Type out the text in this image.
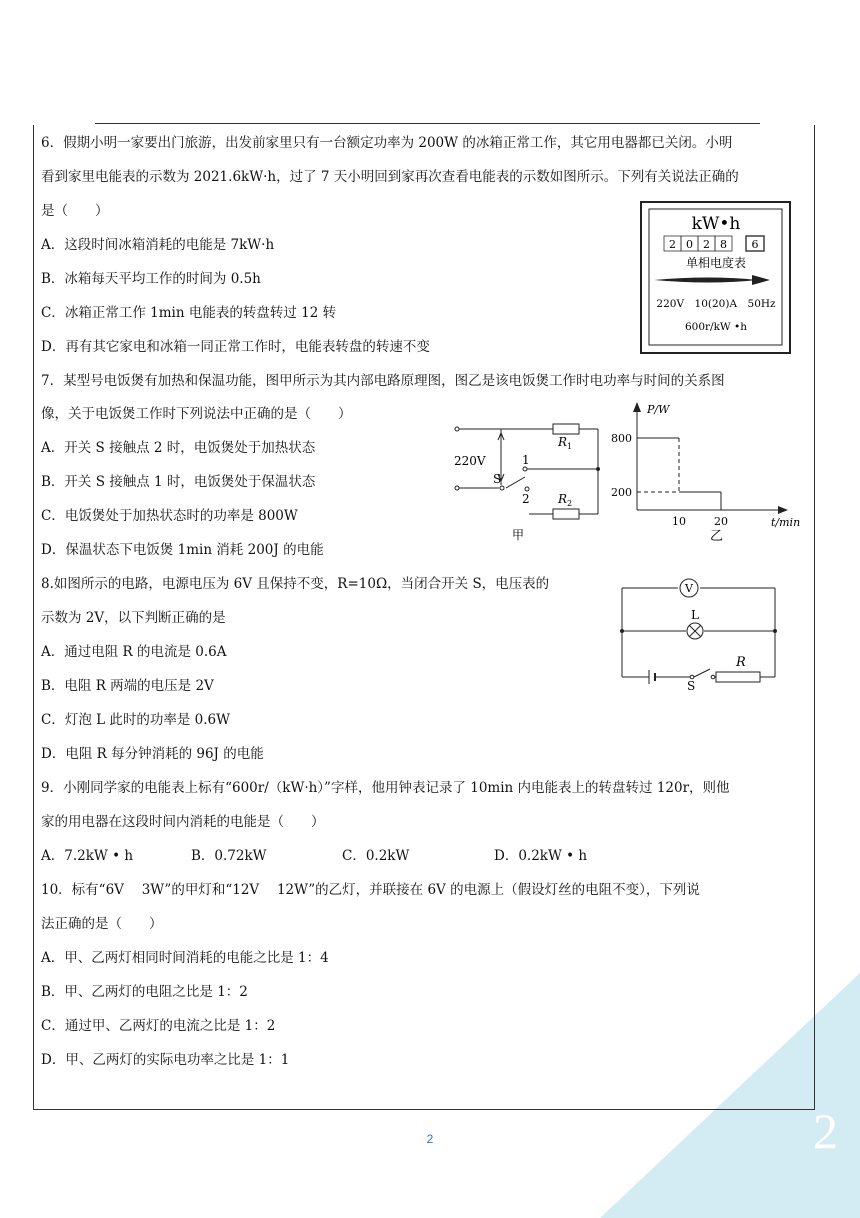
2
6．假期小明一家要出门旅游，出发前家里只有一台额定功率为 200W 的冰箱正常工作，其它用电器都已关闭。小明
看到家里电能表的示数为 2021.6kW·h，过了 7 天小明回到家再次查看电能表的示数如图所示。下列有关说法正确的
是（　　）
A．这段时间冰箱消耗的电能是 7kW·h
B．冰箱每天平均工作的时间为 0.5h
C．冰箱正常工作 1min 电能表的转盘转过 12 转
D．再有其它家电和冰箱一同正常工作时，电能表转盘的转速不变
kW•h
2 0 2 8 6
单相电度表
220V　10(20)A　50Hz
600r/kW •h
7．某型号电饭煲有加热和保温功能，图甲所示为其内部电路原理图，图乙是该电饭煲工作时电功率与时间的关系图
像，关于电饭煲工作时下列说法中正确的是（　　）
A．开关 S 接触点 2 时，电饭煲处于加热状态
B．开关 S 接触点 1 时，电饭煲处于保温状态
C．电饭煲处于加热状态时的功率是 800W
D．保温状态下电饭煲 1min 消耗 200J 的电能
220V
S
1
2
$R_1$
$R_2$
甲
P/W
t/min
乙
200
800
10	20
8.如图所示的电路，电源电压为 6V 且保持不变，R=10Ω，当闭合开关 S，电压表的
示数为 2V，以下判断正确的是
A．通过电阻 R 的电流是 0.6A
B．电阻 R 两端的电压是 2V
C．灯泡 L 此时的功率是 0.6W
D．电阻 R 每分钟消耗的 96J 的电能
V
L
R
S
9．小刚同学家的电能表上标有“600r/（kW·h）”字样，他用钟表记录了 10min 内电能表上的转盘转过 120r，则他
家的用电器在这段时间内消耗的电能是（　　）
A．7.2kW • h	B．0.72kW	C．0.2kW	D．0.2kW • h
10．标有“6V　 3W”的甲灯和“12V　 12W”的乙灯，并联接在 6V 的电源上（假设灯丝的电阻不变），下列说
法正确的是（　　）
A．甲、乙两灯相同时间消耗的电能之比是 1：4
B．甲、乙两灯的电阻之比是 1：2
C．通过甲、乙两灯的电流之比是 1：2
D．甲、乙两灯的实际电功率之比是 1：1
2
